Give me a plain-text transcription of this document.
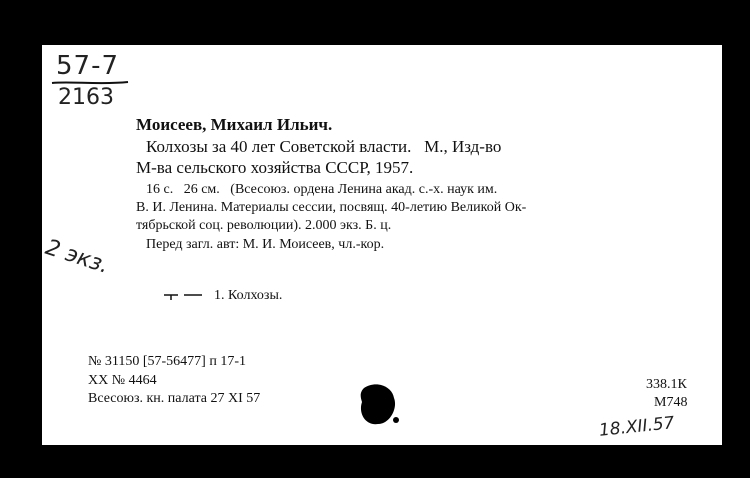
57-7
2163
Моисеев, Михаил Ильич.
Колхозы за 40 лет Советской власти.   М., Изд-во
М-ва сельского хозяйства СССР, 1957.
16 с.   26 см.   (Всесоюз. ордена Ленина акад. с.-х. наук им.
В. И. Ленина. Материалы сессии, посвящ. 40-летию Великой Ок-
тябрьской соц. революции). 2.000 экз. Б. ц.
Перед загл. авт: М. И. Моисеев, чл.-кор.
2 экз.
1. Колхозы.
№ 31150 [57-56477] п 17-1
XX № 4464
Всесоюз. кн. палата 27 XI 57
338.1К
М748
18.XII.57
